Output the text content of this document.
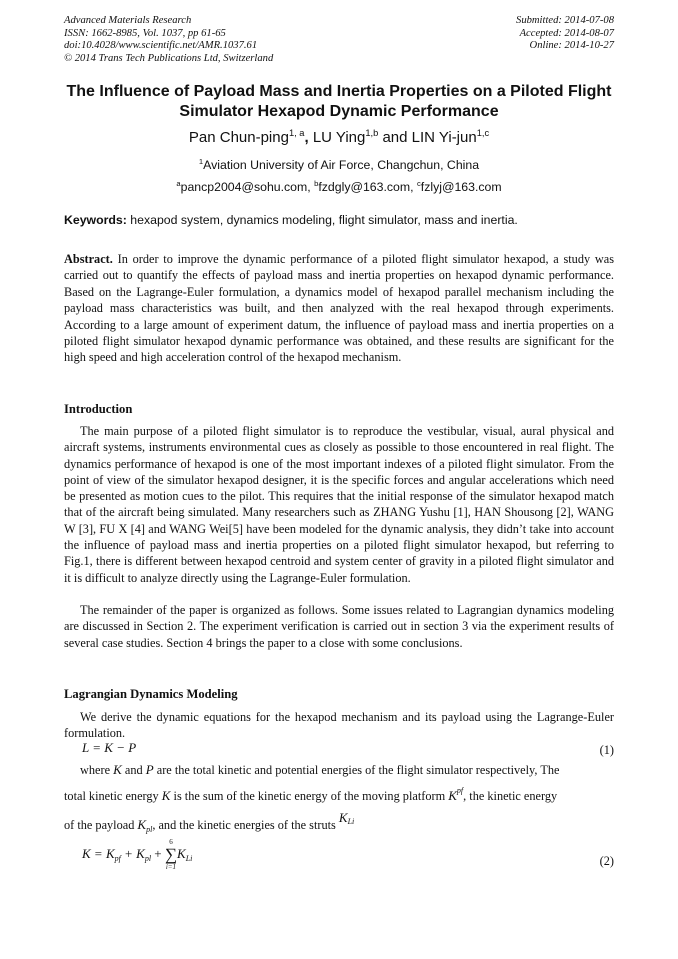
Advanced Materials Research
ISSN: 1662-8985, Vol. 1037, pp 61-65
doi:10.4028/www.scientific.net/AMR.1037.61
© 2014 Trans Tech Publications Ltd, Switzerland
Submitted: 2014-07-08
Accepted: 2014-08-07
Online: 2014-10-27
The Influence of Payload Mass and Inertia Properties on a Piloted Flight Simulator Hexapod Dynamic Performance
Pan Chun-ping$^{1, a}$, LU Ying$^{1,b}$ and LIN Yi-jun$^{1,c}$
$^1$Aviation University of Air Force, Changchun, China
$^a$pancp2004@sohu.com, $^b$fzdgly@163.com, $^c$fzlyj@163.com
Keywords: hexapod system, dynamics modeling, flight simulator, mass and inertia.

Abstract. In order to improve the dynamic performance of a piloted flight simulator hexapod, a study was carried out to quantify the effects of payload mass and inertia properties on hexapod dynamic performance. Based on the Lagrange-Euler formulation, a dynamics model of hexapod parallel mechanism including the payload mass characteristics was built, and then analyzed with the real hexapod through experiments. According to a large amount of experiment datum, the influence of payload mass and inertia properties on a piloted flight simulator hexapod dynamic performance was obtained, and these results are significant for the high speed and high acceleration control of the hexapod mechanism.

Introduction

The main purpose of a piloted flight simulator is to reproduce the vestibular, visual, aural physical and aircraft systems, instruments environmental cues as closely as possible to those encountered in real flight. The dynamics performance of hexapod is one of the most important indexes of a piloted flight simulator. From the point of view of the simulator hexapod designer, it is the specific forces and angular accelerations which need be presented as motion cues to the pilot. This requires that the initial response of the simulator hexapod match that of the aircraft being simulated. Many researchers such as ZHANG Yushu [1], HAN Shousong [2], WANG W [3], FU X [4] and WANG Wei[5] have been modeled for the dynamic analysis, they didn’t take into account the influence of payload mass and inertia properties on a piloted flight simulator hexapod, but referring to Fig.1, there is different between hexapod centroid and system center of gravity in a piloted flight simulator and it is difficult to analyze directly using the Lagrange-Euler formulation.

The remainder of the paper is organized as follows. Some issues related to Lagrangian dynamics modeling are discussed in Section 2. The experiment verification is carried out in section 3 via the experiment results of several case studies. Section 4 brings the paper to a close with some conclusions.

Lagrangian Dynamics Modeling

We derive the dynamic equations for the hexapod mechanism and its payload using the Lagrange-Euler formulation.

L = K − P	(1)
where K and P are the total kinetic and potential energies of the flight simulator respectively, The
total kinetic energy K is the sum of the kinetic energy of the moving platform $K^{pf}$, the kinetic energy
of the payload $K_{pl}$, and the kinetic energies of the struts $K^{Li}$
$K = K_{pf} + K_{pl}$ +
6
∑
i=1
$K_{Li}$	(2)
